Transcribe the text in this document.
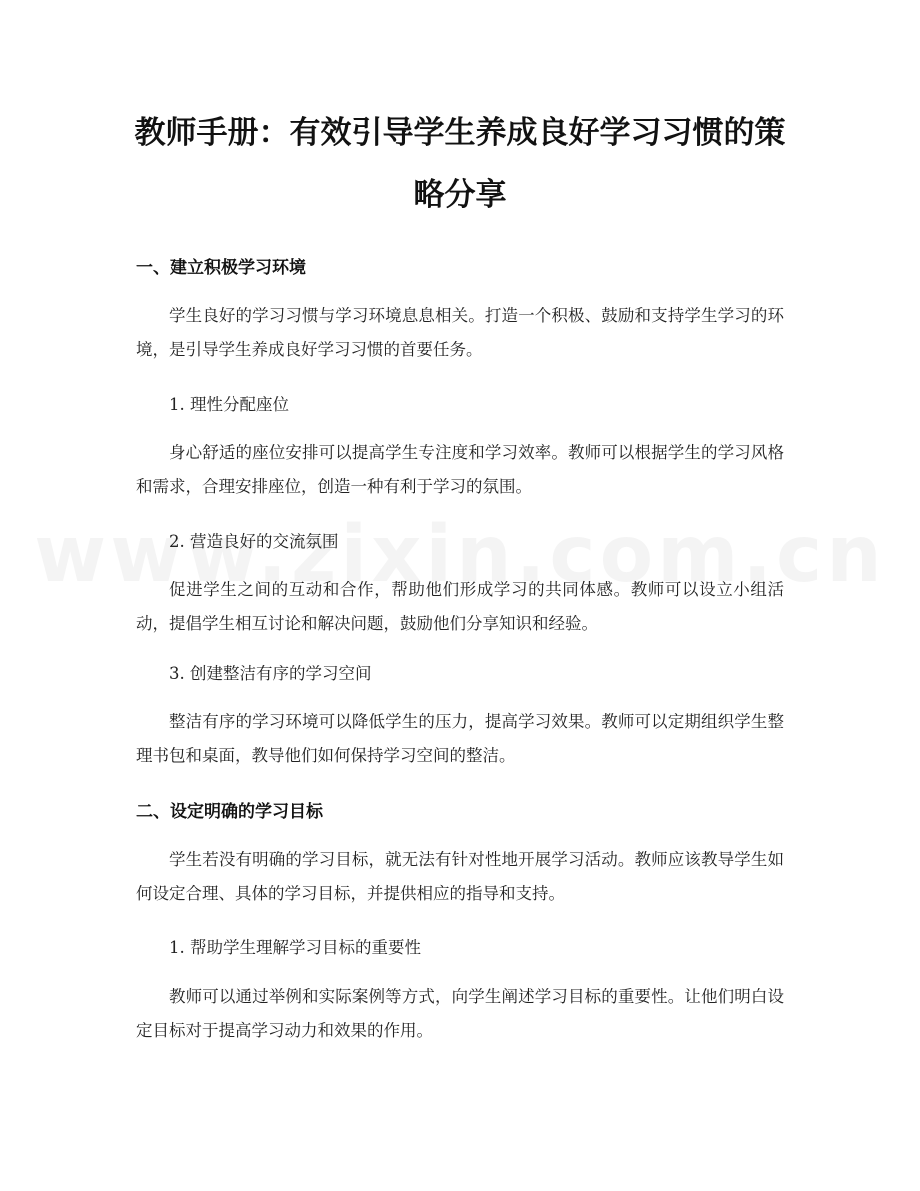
教师手册：有效引导学生养成良好学习习惯的策略分享
一、建立积极学习环境

学生良好的学习习惯与学习环境息息相关。打造一个积极、鼓励和支持学生学习的环境，是引导学生养成良好学习习惯的首要任务。

1. 理性分配座位

身心舒适的座位安排可以提高学生专注度和学习效率。教师可以根据学生的学习风格和需求，合理安排座位，创造一种有利于学习的氛围。

2. 营造良好的交流氛围

促进学生之间的互动和合作，帮助他们形成学习的共同体感。教师可以设立小组活动，提倡学生相互讨论和解决问题，鼓励他们分享知识和经验。

3. 创建整洁有序的学习空间

整洁有序的学习环境可以降低学生的压力，提高学习效果。教师可以定期组织学生整理书包和桌面，教导他们如何保持学习空间的整洁。

二、设定明确的学习目标

学生若没有明确的学习目标，就无法有针对性地开展学习活动。教师应该教导学生如何设定合理、具体的学习目标，并提供相应的指导和支持。

1. 帮助学生理解学习目标的重要性

教师可以通过举例和实际案例等方式，向学生阐述学习目标的重要性。让他们明白设定目标对于提高学习动力和效果的作用。
